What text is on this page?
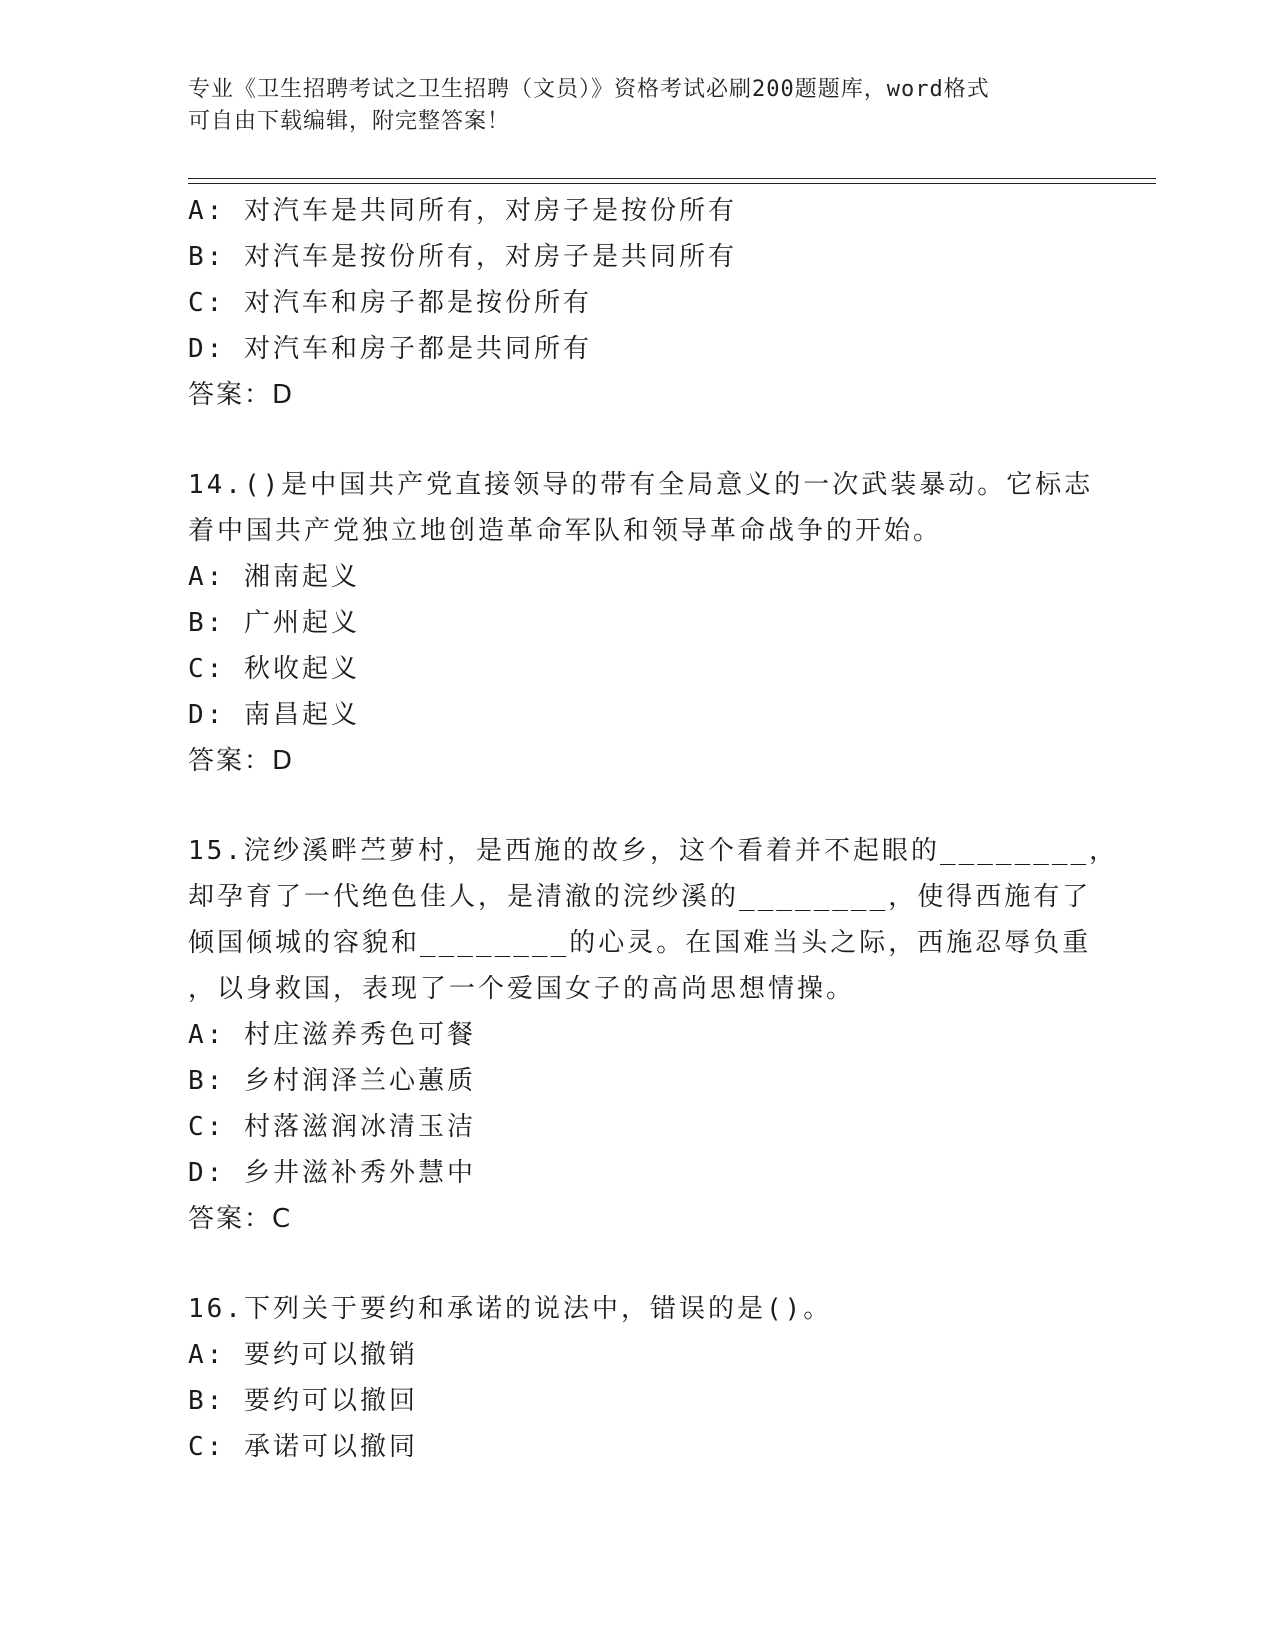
专业《卫生招聘考试之卫生招聘（文员）》资格考试必刷200题题库，word格式
可自由下载编辑，附完整答案！
A: 对汽车是共同所有，对房子是按份所有
B: 对汽车是按份所有，对房子是共同所有
C: 对汽车和房子都是按份所有
D: 对汽车和房子都是共同所有
答案：D
14.()是中国共产党直接领导的带有全局意义的一次武装暴动。它标志
着中国共产党独立地创造革命军队和领导革命战争的开始。
A: 湘南起义
B: 广州起义
C: 秋收起义
D: 南昌起义
答案：D
15.浣纱溪畔苎萝村，是西施的故乡，这个看着并不起眼的________，
却孕育了一代绝色佳人，是清澈的浣纱溪的________，使得西施有了
倾国倾城的容貌和________的心灵。在国难当头之际，西施忍辱负重
，以身救国，表现了一个爱国女子的高尚思想情操。
A: 村庄滋养秀色可餐
B: 乡村润泽兰心蕙质
C: 村落滋润冰清玉洁
D: 乡井滋补秀外慧中
答案：C
16.下列关于要约和承诺的说法中，错误的是()。
A: 要约可以撤销
B: 要约可以撤回
C: 承诺可以撤同
